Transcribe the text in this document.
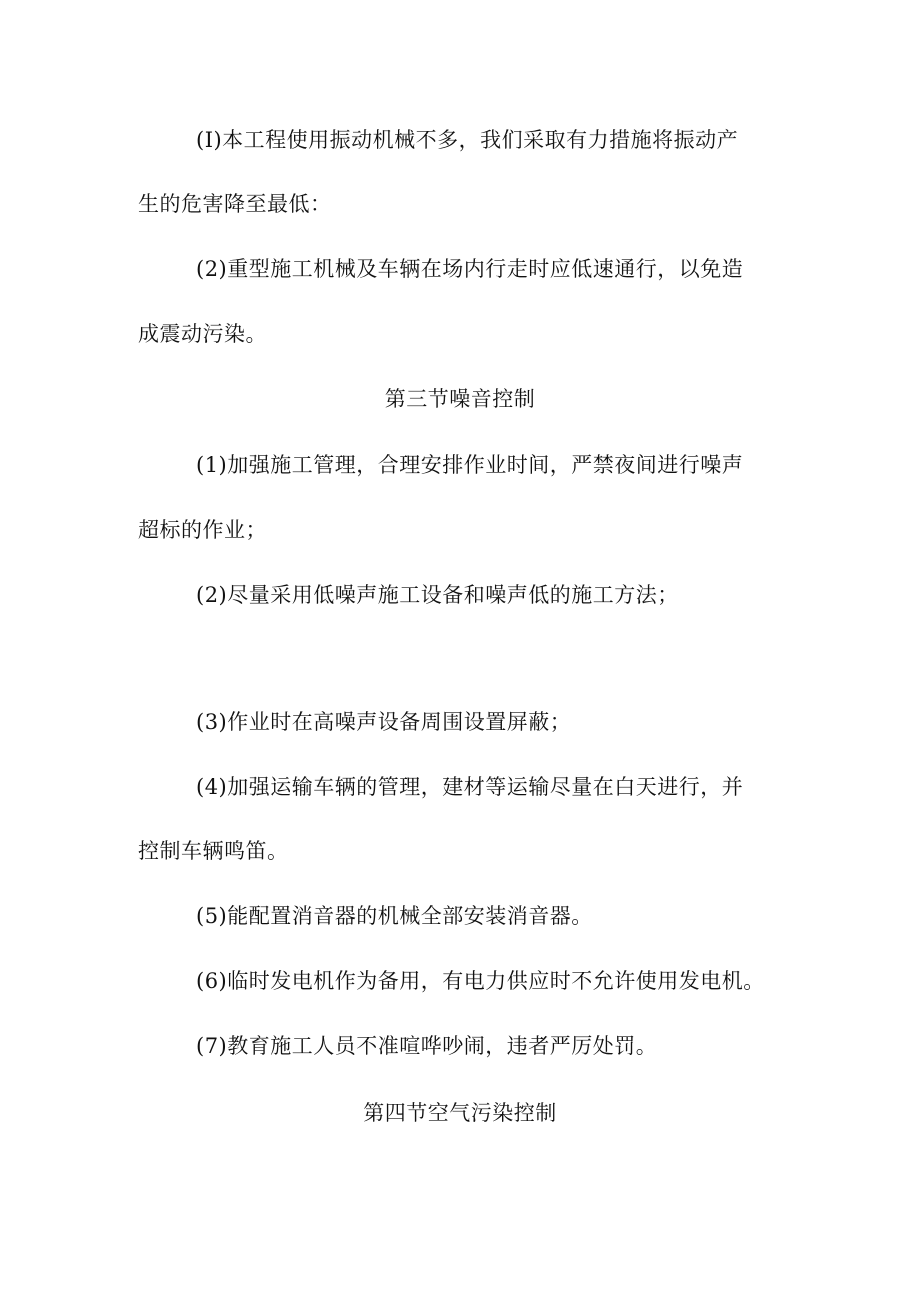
(I)本工程使用振动机械不多，我们采取有力措施将振动产
生的危害降至最低：
(2)重型施工机械及车辆在场内行走时应低速通行，以免造
成震动污染。
第三节噪音控制
(1)加强施工管理，合理安排作业时间，严禁夜间进行噪声
超标的作业；
(2)尽量采用低噪声施工设备和噪声低的施工方法；
(3)作业时在高噪声设备周围设置屏蔽；
(4)加强运输车辆的管理，建材等运输尽量在白天进行，并
控制车辆鸣笛。
(5)能配置消音器的机械全部安装消音器。
(6)临时发电机作为备用，有电力供应时不允许使用发电机。
(7)教育施工人员不准喧哗吵闹，违者严厉处罚。
第四节空气污染控制
